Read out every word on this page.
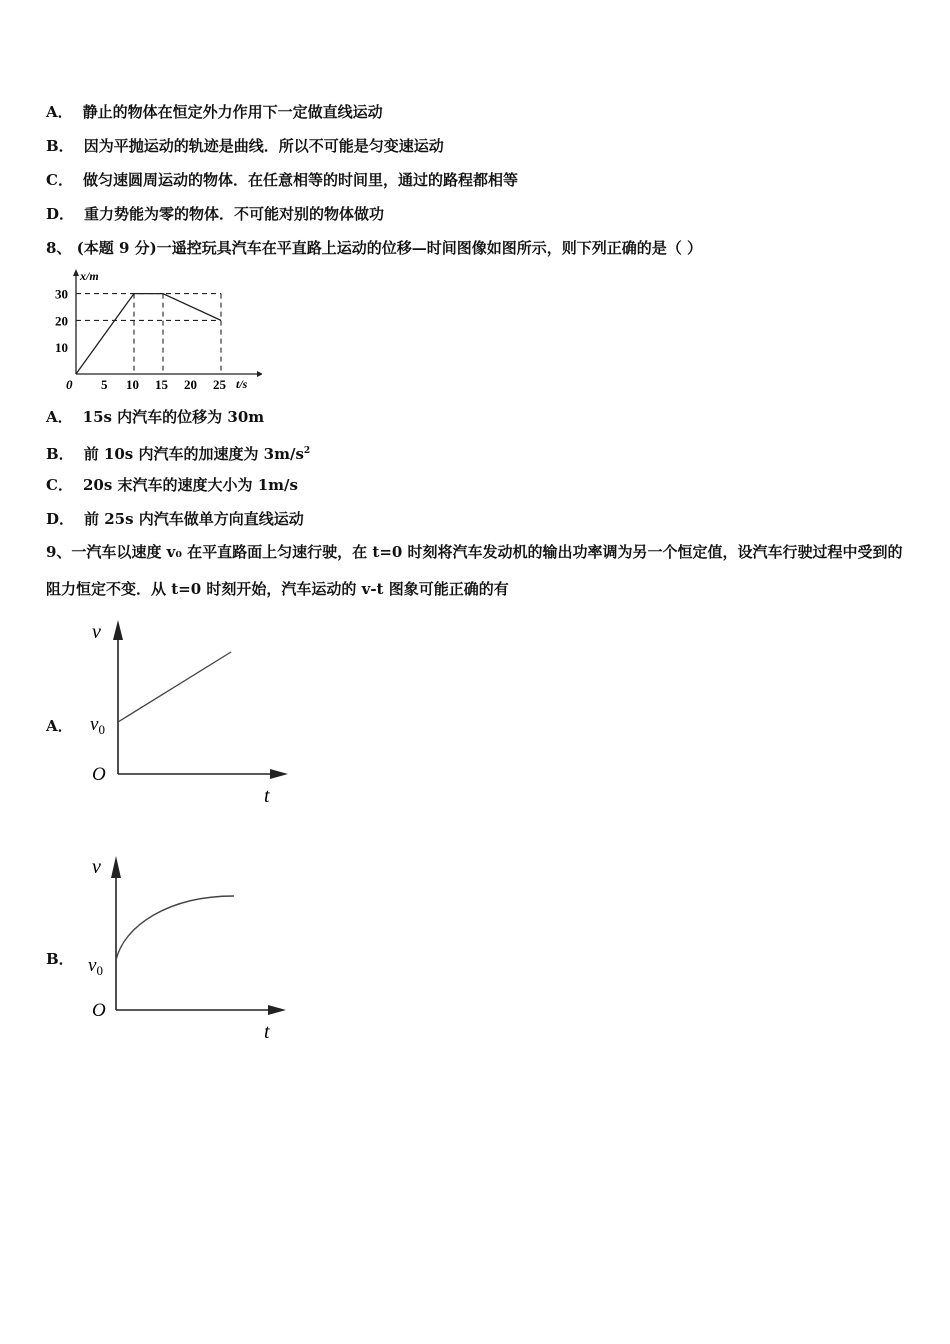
A． 静止的物体在恒定外力作用下一定做直线运动
B． 因为平抛运动的轨迹是曲线．所以不可能是匀变速运动
C． 做匀速圆周运动的物体．在任意相等的时间里，通过的路程都相等
D． 重力势能为零的物体．不可能对别的物体做功
8、 (本题 9 分)一遥控玩具汽车在平直路上运动的位移—时间图像如图所示，则下列正确的是（ ）
x/m
t/s
0 5 10 15 20 25
10
20
30
A． 15s 内汽车的位移为 30m
B． 前 10s 内汽车的加速度为 $3m/s^2$
C． 20s 末汽车的速度大小为 1m/s
D． 前 25s 内汽车做单方向直线运动
9、一汽车以速度 v₀ 在平直路面上匀速行驶，在 t=0 时刻将汽车发动机的输出功率调为另一个恒定值，设汽车行驶过程中受到的阻力恒定不变．从 t=0 时刻开始，汽车运动的 v-t 图象可能正确的有
A．
v
t
O
$v_0$
B．
v
t
O
$v_0$
